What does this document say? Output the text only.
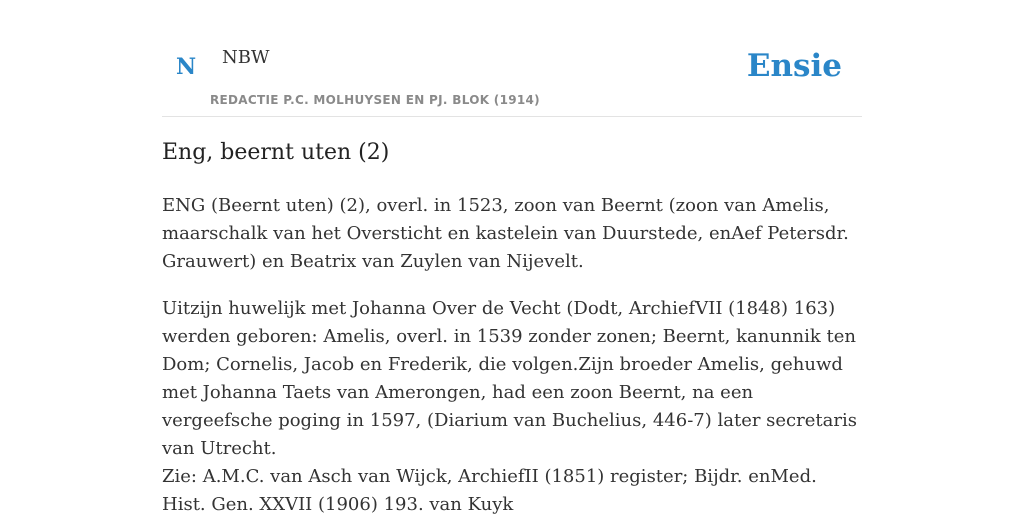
N NBW
REDACTIE P.C. MOLHUYSEN EN PJ. BLOK (1914)
Ensie
Eng, beernt uten (2)

ENG (Beernt uten) (2), overl. in 1523, zoon van Beernt (zoon van Amelis, maarschalk van het Oversticht en kastelein van Duurstede, enAef Petersdr. Grauwert) en Beatrix van Zuylen van Nijevelt.

Uitzijn huwelijk met Johanna Over de Vecht (Dodt, ArchiefVII (1848) 163) werden geboren: Amelis, overl. in 1539 zonder zonen; Beernt, kanunnik ten Dom; Cornelis, Jacob en Frederik, die volgen.Zijn broeder Amelis, gehuwd met Johanna Taets van Amerongen, had een zoon Beernt, na een vergeefsche poging in 1597, (Diarium van Buchelius, 446-7) later secretaris van Utrecht.

Zie: A.M.C. van Asch van Wijck, ArchiefII (1851) register; Bijdr. enMed. Hist. Gen. XXVII (1906) 193. van Kuyk
